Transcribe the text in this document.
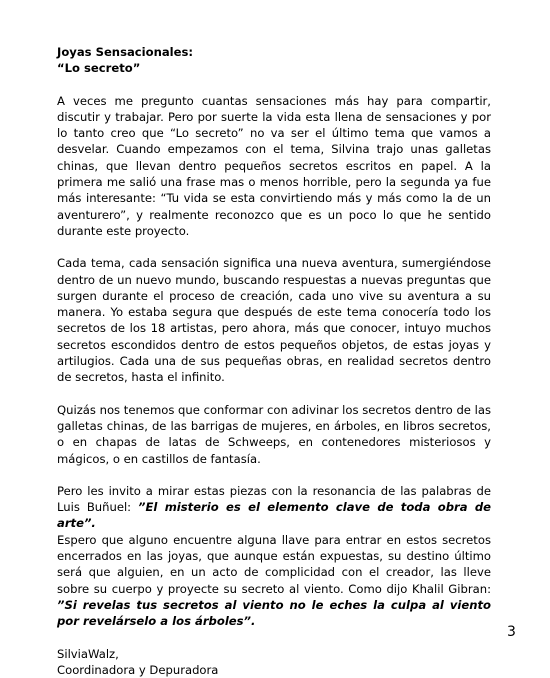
Joyas Sensacionales:
“Lo secreto”

A veces me pregunto cuantas sensaciones más hay para compartir, discutir y trabajar. Pero por suerte la vida esta llena de sensaciones y por lo tanto creo que “Lo secreto” no va ser el último tema que vamos a desvelar. Cuando empezamos con el tema, Silvina trajo unas galletas chinas, que llevan dentro pequeños secretos escritos en papel. A la primera me salió una frase mas o menos horrible, pero la segunda ya fue más interesante: “Tu vida se esta convirtiendo más y más como la de un aventurero”, y realmente reconozco que es un poco lo que he sentido durante este proyecto.

Cada tema, cada sensación significa una nueva aventura, sumergiéndose dentro de un nuevo mundo, buscando respuestas a nuevas preguntas que surgen durante el proceso de creación, cada uno vive su aventura a su manera. Yo estaba segura que después de este tema conocería todo los secretos de los 18 artistas, pero ahora, más que conocer, intuyo muchos secretos escondidos dentro de estos pequeños objetos, de estas joyas y artilugios. Cada una de sus pequeñas obras, en realidad secretos dentro de secretos, hasta el infinito.

Quizás nos tenemos que conformar con adivinar los secretos dentro de las galletas chinas, de las barrigas de mujeres, en árboles, en libros secretos, o en chapas de latas de Schweeps, en contenedores misteriosos y mágicos, o en castillos de fantasía.

Pero les invito a mirar estas piezas con la resonancia de las palabras de Luis Buñuel: ”El misterio es el elemento clave de toda obra de arte”.

Espero que alguno encuentre alguna llave para entrar en estos secretos encerrados en las joyas, que aunque están expuestas, su destino último será que alguien, en un acto de complicidad con el creador, las lleve sobre su cuerpo y proyecte su secreto al viento. Como dijo Khalil Gibran: ”Si revelas tus secretos al viento no le eches la culpa al viento por revelárselo a los árboles”.

SilviaWalz,
Coordinadora y Depuradora
3
